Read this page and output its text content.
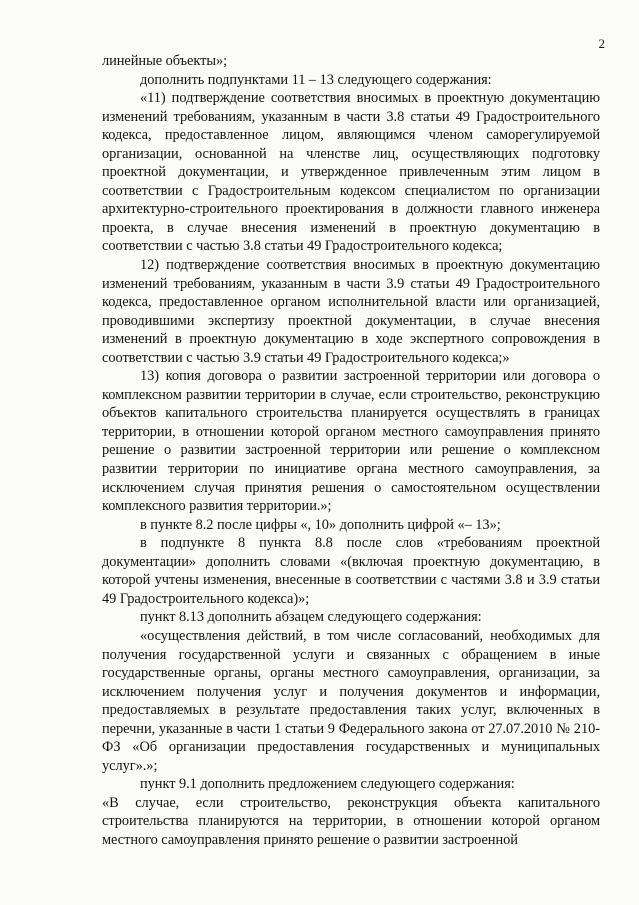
2

линейные объекты»;

дополнить подпунктами 11 – 13 следующего содержания:

«11) подтверждение соответствия вносимых в проектную документацию изменений требованиям, указанным в части 3.8 статьи 49 Градостроительного кодекса, предоставленное лицом, являющимся членом саморегулируемой организации, основанной на членстве лиц, осуществляющих подготовку проектной документации, и утвержденное привлеченным этим лицом в соответствии с Градостроительным кодексом специалистом по организации архитектурно-строительного проектирования в должности главного инженера проекта, в случае внесения изменений в проектную документацию в соответствии с частью 3.8 статьи 49 Градостроительного кодекса;

12) подтверждение соответствия вносимых в проектную документацию изменений требованиям, указанным в части 3.9 статьи 49 Градостроительного кодекса, предоставленное органом исполнительной власти или организацией, проводившими экспертизу проектной документации, в случае внесения изменений в проектную документацию в ходе экспертного сопровождения в соответствии с частью 3.9 статьи 49 Градостроительного кодекса;»

13) копия договора о развитии застроенной территории или договора о комплексном развитии территории в случае, если строительство, реконструкцию объектов капитального строительства планируется осуществлять в границах территории, в отношении которой органом местного самоуправления принято решение о развитии застроенной территории или решение о комплексном развитии территории по инициативе органа местного самоуправления, за исключением случая принятия решения о самостоятельном осуществлении комплексного развития территории.»;

в пункте 8.2 после цифры «, 10» дополнить цифрой «– 13»;

в подпункте 8 пункта 8.8 после слов «требованиям проектной документации» дополнить словами «(включая проектную документацию, в которой учтены изменения, внесенные в соответствии с частями 3.8 и 3.9 статьи 49 Градостроительного кодекса)»;

пункт 8.13 дополнить абзацем следующего содержания:

«осуществления действий, в том числе согласований, необходимых для получения государственной услуги и связанных с обращением в иные государственные органы, органы местного самоуправления, организации, за исключением получения услуг и получения документов и информации, предоставляемых в результате предоставления таких услуг, включенных в перечни, указанные в части 1 статьи 9 Федерального закона от 27.07.2010 № 210-ФЗ «Об организации предоставления государственных и муниципальных услуг».»;

пункт 9.1 дополнить предложением следующего содержания:

«В случае, если строительство, реконструкция объекта капитального строительства планируются на территории, в отношении которой органом местного самоуправления принято решение о развитии застроенной
